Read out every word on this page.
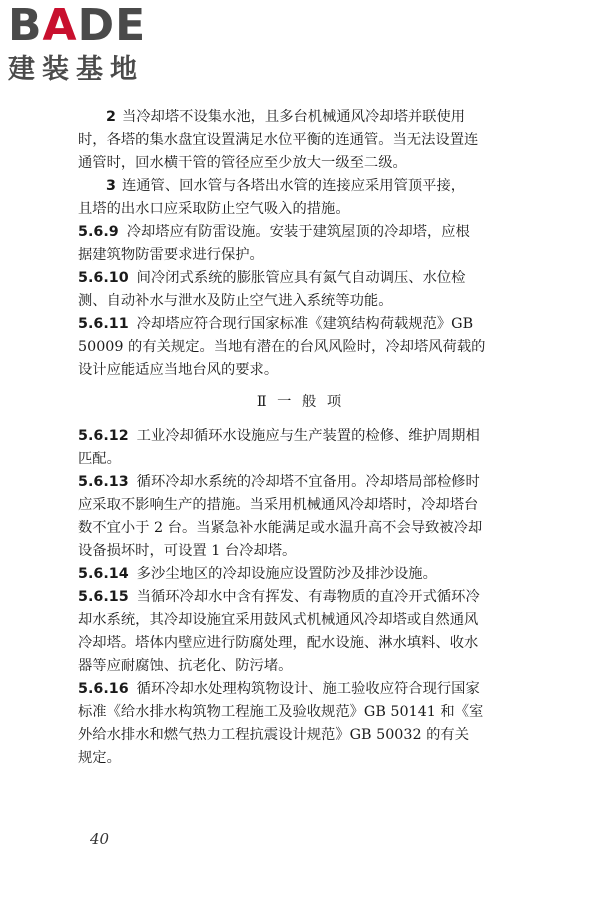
BADE
建装基地

2 当冷却塔不设集水池，且多台机械通风冷却塔并联使用
时，各塔的集水盘宜设置满足水位平衡的连通管。当无法设置连
通管时，回水横干管的管径应至少放大一级至二级。

3 连通管、回水管与各塔出水管的连接应采用管顶平接，
且塔的出水口应采取防止空气吸入的措施。

5.6.9 冷却塔应有防雷设施。安装于建筑屋顶的冷却塔，应根
据建筑物防雷要求进行保护。

5.6.10 间冷闭式系统的膨胀管应具有氮气自动调压、水位检
测、自动补水与泄水及防止空气进入系统等功能。

5.6.11 冷却塔应符合现行国家标准《建筑结构荷载规范》GB
50009 的有关规定。当地有潜在的台风风险时，冷却塔风荷载的
设计应能适应当地台风的要求。

Ⅱ 一 般 项

5.6.12 工业冷却循环水设施应与生产装置的检修、维护周期相
匹配。

5.6.13 循环冷却水系统的冷却塔不宜备用。冷却塔局部检修时
应采取不影响生产的措施。当采用机械通风冷却塔时，冷却塔台
数不宜小于 2 台。当紧急补水能满足或水温升高不会导致被冷却
设备损坏时，可设置 1 台冷却塔。

5.6.14 多沙尘地区的冷却设施应设置防沙及排沙设施。

5.6.15 当循环冷却水中含有挥发、有毒物质的直冷开式循环冷
却水系统，其冷却设施宜采用鼓风式机械通风冷却塔或自然通风
冷却塔。塔体内壁应进行防腐处理，配水设施、淋水填料、收水
器等应耐腐蚀、抗老化、防污堵。

5.6.16 循环冷却水处理构筑物设计、施工验收应符合现行国家
标准《给水排水构筑物工程施工及验收规范》GB 50141 和《室
外给水排水和燃气热力工程抗震设计规范》GB 50032 的有关
规定。

40
